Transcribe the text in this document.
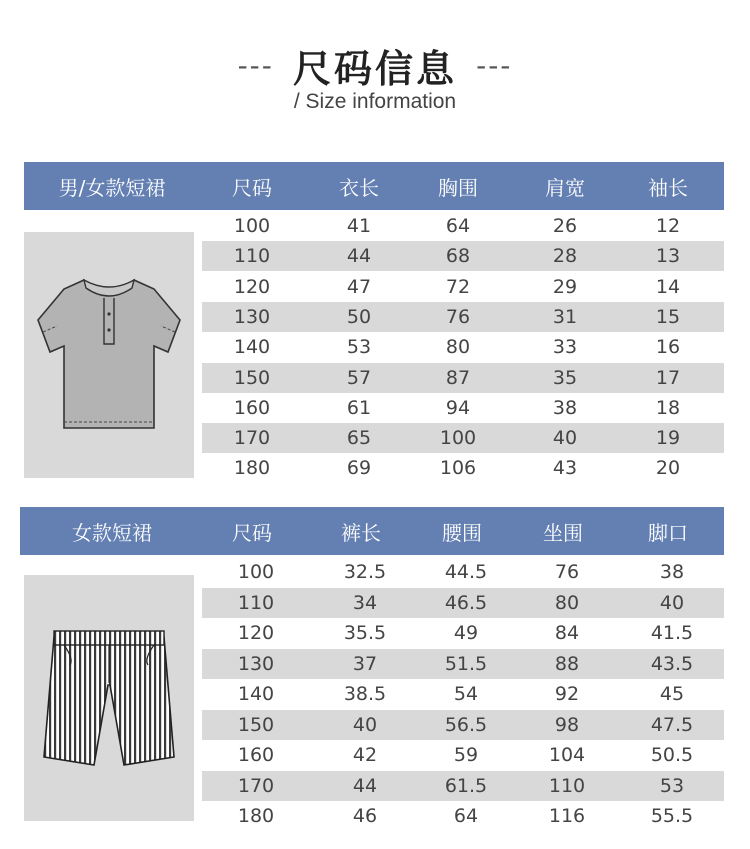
--- 尺码信息 ---
/ Size information
男/女款短裙	尺码	衣长	胸围	肩宽	袖长
100	41	64	26	12
110	44	68	28	13
120	47	72	29	14
130	50	76	31	15
140	53	80	33	16
150	57	87	35	17
160	61	94	38	18
170	65	100	40	19
180	69	106	43	20
女款短裙	尺码	裤长	腰围	坐围	脚口
100	32.5	44.5	76	38
110	34	46.5	80	40
120	35.5	49	84	41.5
130	37	51.5	88	43.5
140	38.5	54	92	45
150	40	56.5	98	47.5
160	42	59	104	50.5
170	44	61.5	110	53
180	46	64	116	55.5
